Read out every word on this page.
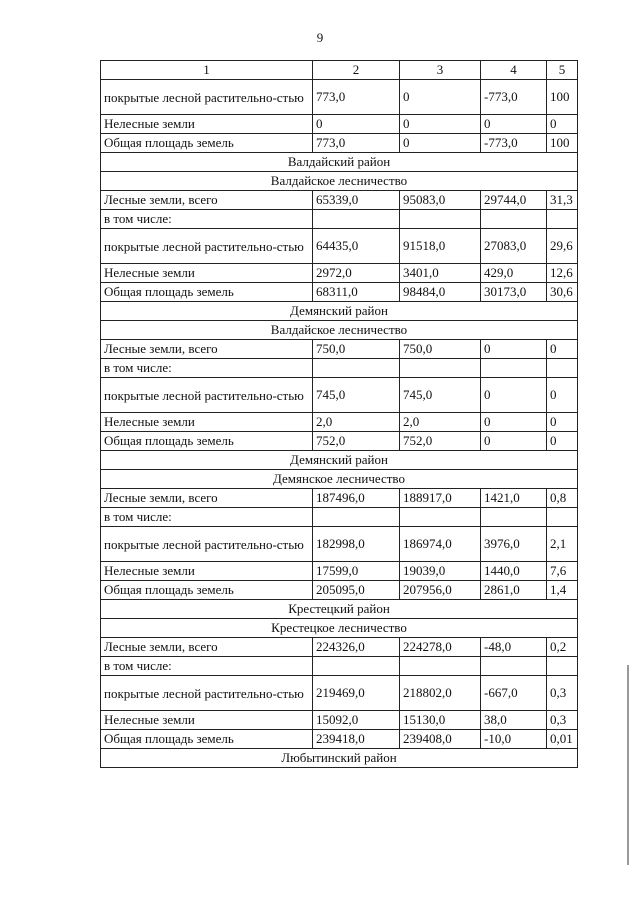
9
1	2	3	4	5
покрытые лесной растительно-стью	773,0	0	-773,0	100
Нелесные земли	0	0	0	0
Общая площадь земель	773,0	0	-773,0	100
Валдайский район				
Валдайское лесничество				
Лесные земли, всего	65339,0	95083,0	29744,0	31,3
в том числе:				
покрытые лесной растительно-стью	64435,0	91518,0	27083,0	29,6
Нелесные земли	2972,0	3401,0	429,0	12,6
Общая площадь земель	68311,0	98484,0	30173,0	30,6
Демянский район				
Валдайское лесничество				
Лесные земли, всего	750,0	750,0	0	0
в том числе:				
покрытые лесной растительно-стью	745,0	745,0	0	0
Нелесные земли	2,0	2,0	0	0
Общая площадь земель	752,0	752,0	0	0
Демянский район				
Демянское лесничество				
Лесные земли, всего	187496,0	188917,0	1421,0	0,8
в том числе:				
покрытые лесной растительно-стью	182998,0	186974,0	3976,0	2,1
Нелесные земли	17599,0	19039,0	1440,0	7,6
Общая площадь земель	205095,0	207956,0	2861,0	1,4
Крестецкий район				
Крестецкое лесничество				
Лесные земли, всего	224326,0	224278,0	-48,0	0,2
в том числе:				
покрытые лесной растительно-стью	219469,0	218802,0	-667,0	0,3
Нелесные земли	15092,0	15130,0	38,0	0,3
Общая площадь земель	239418,0	239408,0	-10,0	0,01
Любытинский район				
